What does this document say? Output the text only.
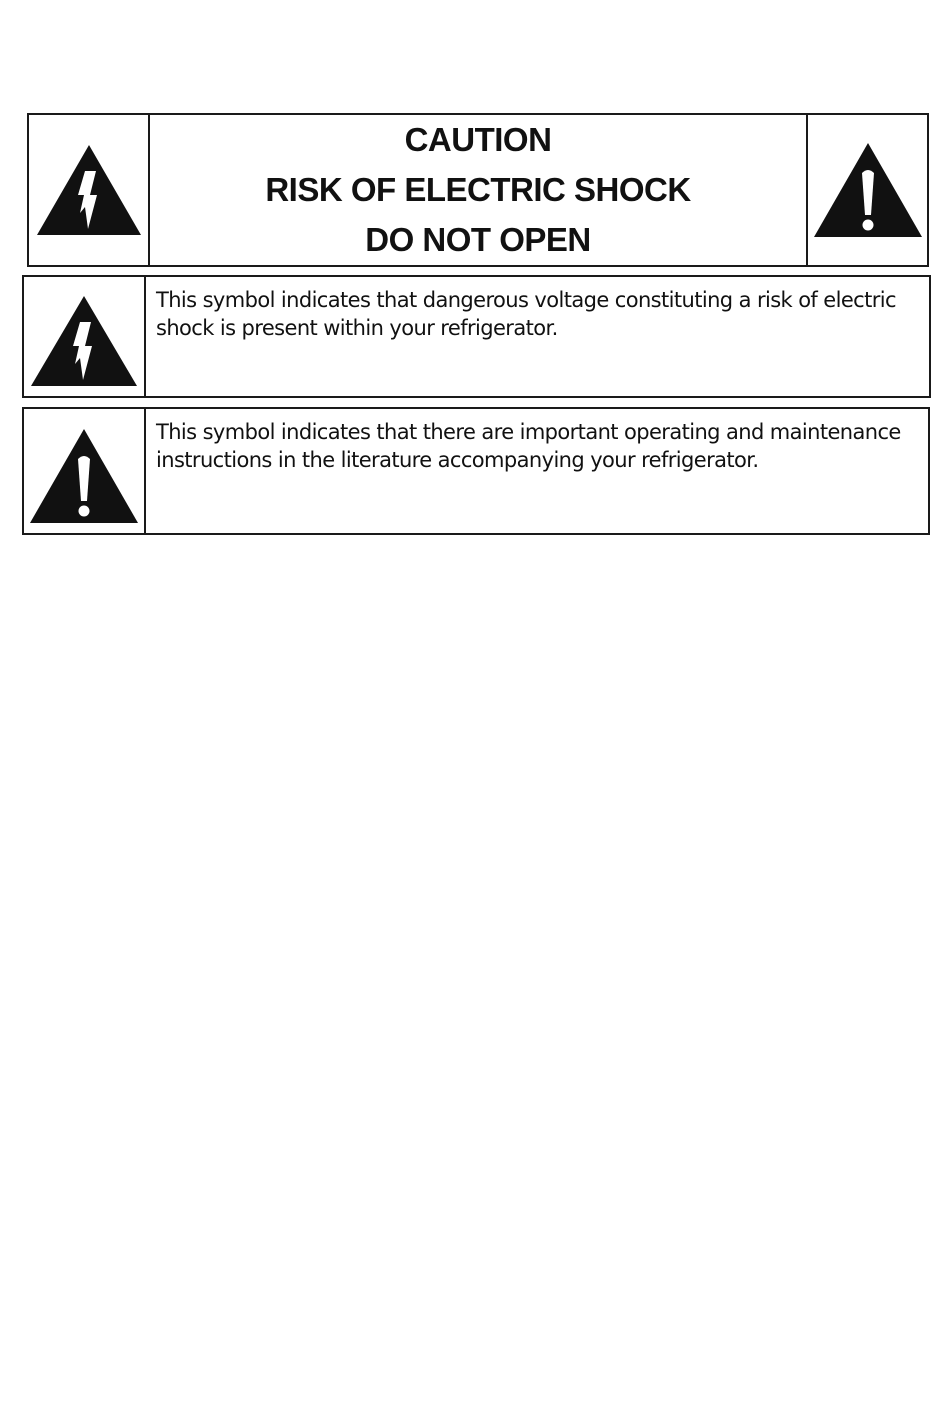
CAUTION
RISK OF ELECTRIC SHOCK
DO NOT OPEN
This symbol indicates that dangerous voltage constituting a risk of electric shock is present within your refrigerator.
This symbol indicates that there are important operating and maintenance instructions in the literature accompanying your refrigerator.
